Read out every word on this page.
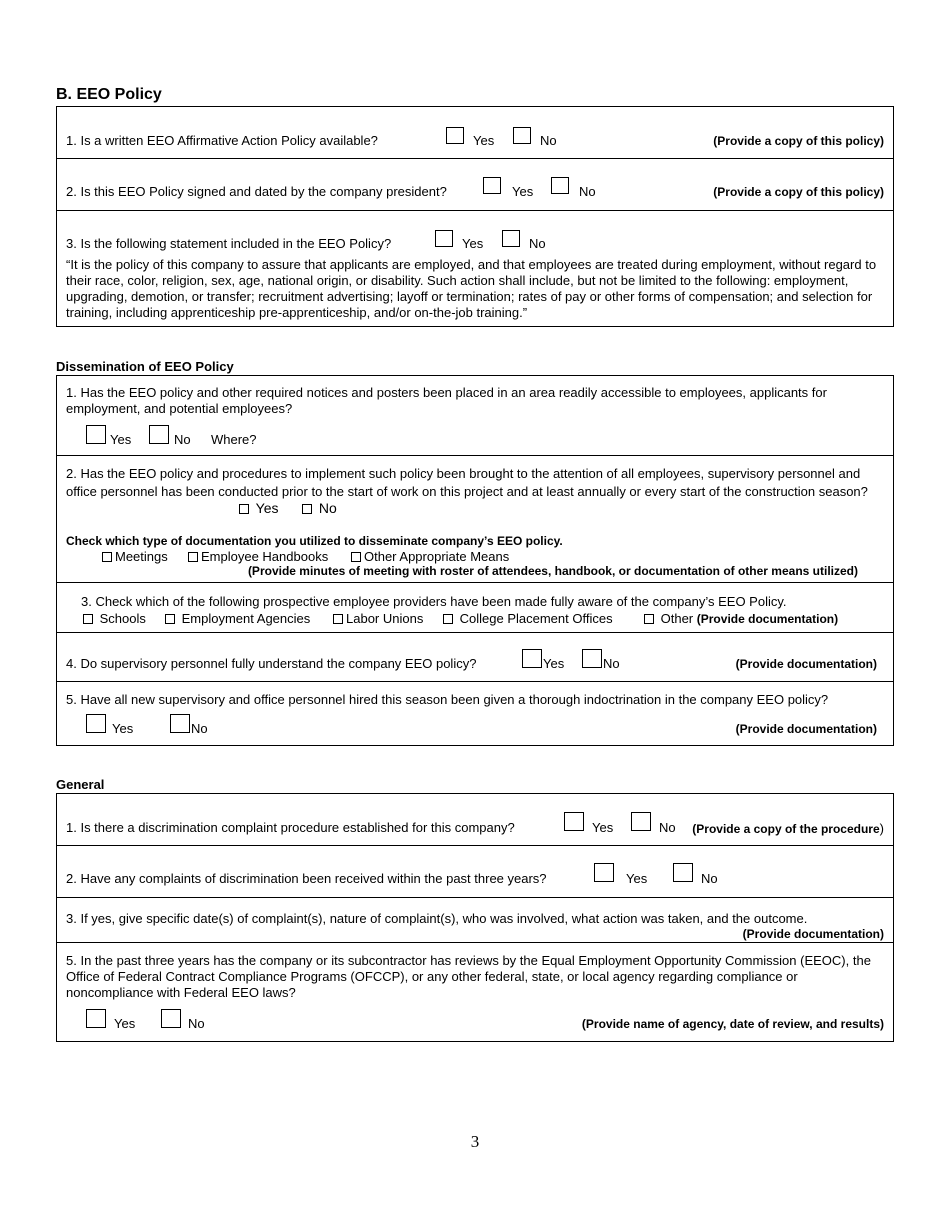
B. EEO Policy
1. Is a written EEO Affirmative Action Policy available?	Yes	No	(Provide a copy of this policy)
2. Is this EEO Policy signed and dated by the company president?	Yes	No	(Provide a copy of this policy)
3. Is the following statement included in the EEO Policy?	Yes	No
“It is the policy of this company to assure that applicants are employed, and that employees are treated during employment, without regard to their race, color, religion, sex, age, national origin, or disability. Such action shall include, but not be limited to the following: employment, upgrading, demotion, or transfer; recruitment advertising; layoff or termination; rates of pay or other forms of compensation; and selection for training, including apprenticeship pre-apprenticeship, and/or on-the-job training.”
Dissemination of EEO Policy
1. Has the EEO policy and other required notices and posters been placed in an area readily accessible to employees, applicants for employment, and potential employees?
Yes	No Where?
2. Has the EEO policy and procedures to implement such policy been brought to the attention of all employees, supervisory personnel and office personnel has been conducted prior to the start of work on this project and at least annually or every start of the construction season?
Yes	No
Check which type of documentation you utilized to disseminate company’s EEO policy.
Meetings	Employee Handbooks	Other Appropriate Means
(Provide minutes of meeting with roster of attendees, handbook, or documentation of other means utilized)
3. Check which of the following prospective employee providers have been made fully aware of the company’s EEO Policy.
Schools	Employment Agencies	Labor Unions	College Placement Offices	Other (Provide documentation)
4. Do supervisory personnel fully understand the company EEO policy?	Yes	No	(Provide documentation)
5. Have all new supervisory and office personnel hired this season been given a thorough indoctrination in the company EEO policy?
Yes	No	(Provide documentation)
General
1. Is there a discrimination complaint procedure established for this company?	Yes	No (Provide a copy of the procedure)
2. Have any complaints of discrimination been received within the past three years?	Yes	No
3. If yes, give specific date(s) of complaint(s), nature of complaint(s), who was involved, what action was taken, and the outcome.
(Provide documentation)
5. In the past three years has the company or its subcontractor has reviews by the Equal Employment Opportunity Commission (EEOC), the Office of Federal Contract Compliance Programs (OFCCP), or any other federal, state, or local agency regarding compliance or noncompliance with Federal EEO laws?
Yes	No	(Provide name of agency, date of review, and results)
3
